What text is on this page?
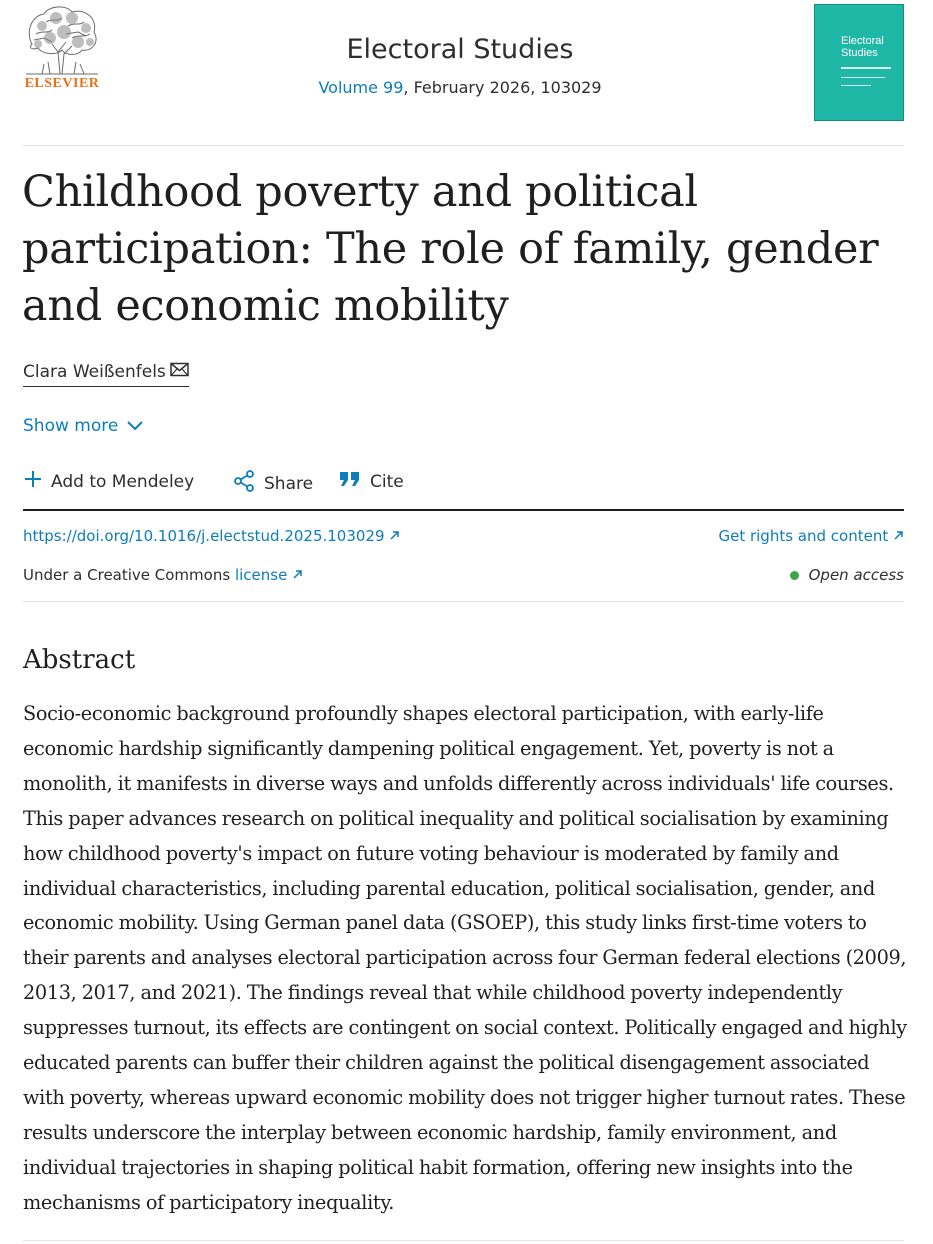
ELSEVIER
Electoral Studies
Volume 99, February 2026, 103029
Electoral Studies
Childhood poverty and political participation: The role of family, gender and economic mobility
Clara Weißenfels
Show more
Add to Mendeley	Share	Cite
https://doi.org/10.1016/j.electstud.2025.103029	Get rights and content
Under a Creative Commons license	Open access
Abstract
Socio-economic background profoundly shapes electoral participation, with early-life economic hardship significantly dampening political engagement. Yet, poverty is not a monolith, it manifests in diverse ways and unfolds differently across individuals' life courses. This paper advances research on political inequality and political socialisation by examining how childhood poverty's impact on future voting behaviour is moderated by family and individual characteristics, including parental education, political socialisation, gender, and economic mobility. Using German panel data (GSOEP), this study links first-time voters to their parents and analyses electoral participation across four German federal elections (2009, 2013, 2017, and 2021). The findings reveal that while childhood poverty independently suppresses turnout, its effects are contingent on social context. Politically engaged and highly educated parents can buffer their children against the political disengagement associated with poverty, whereas upward economic mobility does not trigger higher turnout rates. These results underscore the interplay between economic hardship, family environment, and individual trajectories in shaping political habit formation, offering new insights into the mechanisms of participatory inequality.
